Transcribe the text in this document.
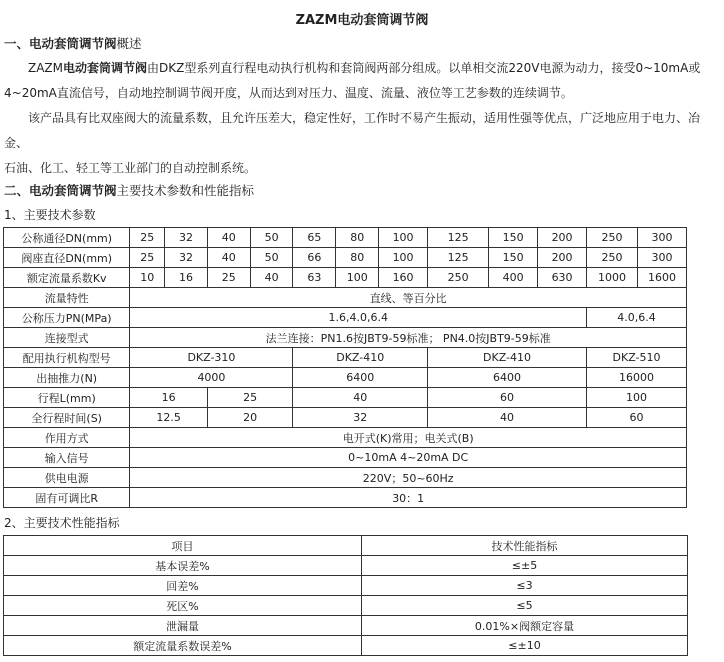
ZAZM电动套筒调节阀
一、电动套筒调节阀概述
ZAZM电动套筒调节阀由DKZ型系列直行程电动执行机构和套筒阀两部分组成。以单相交流220V电源为动力，接受0~10mA或
4~20mA直流信号，自动地控制调节阀开度，从而达到对压力、温度、流量、液位等工艺参数的连续调节。
该产品具有比双座阀大的流量系数，且允许压差大，稳定性好，工作时不易产生振动，适用性强等优点，广泛地应用于电力、冶金、
石油、化工、轻工等工业部门的自动控制系统。
二、电动套筒调节阀主要技术参数和性能指标
1、主要技术参数
公称通径DN(mm)	25	32	40	50	65	80	100	125	150	200	250	300
阀座直径DN(mm)	25	32	40	50	66	80	100	125	150	200	250	300
额定流量系数Kv	10	16	25	40	63	100	160	250	400	630	1000	1600
流量特性	直线、等百分比											
公称压力PN(MPa)	1.6,4.0,6.4										4.0,6.4	
连接型式	法兰连接：PN1.6按JBT9-59标准； PN4.0按JBT9-59标准											
配用执行机构型号	DKZ-310				DKZ-410			DKZ-410			DKZ-510	
出抽推力(N)	4000				6400			6400			16000	
行程L(mm)	16		25		40			60			100	
全行程时间(S)	12.5		20		32			40			60	
作用方式	电开式(K)常用；电关式(B)											
输入信号	0~10mA 4~20mA DC											
供电电源	220V；50~60Hz											
固有可调比R	30：1											
2、主要技术性能指标
项目	技术性能指标
基本误差%	≤±5
回差%	≤3
死区%	≤5
泄漏量	0.01%×阀额定容量
额定流量系数误差%	≤±10
